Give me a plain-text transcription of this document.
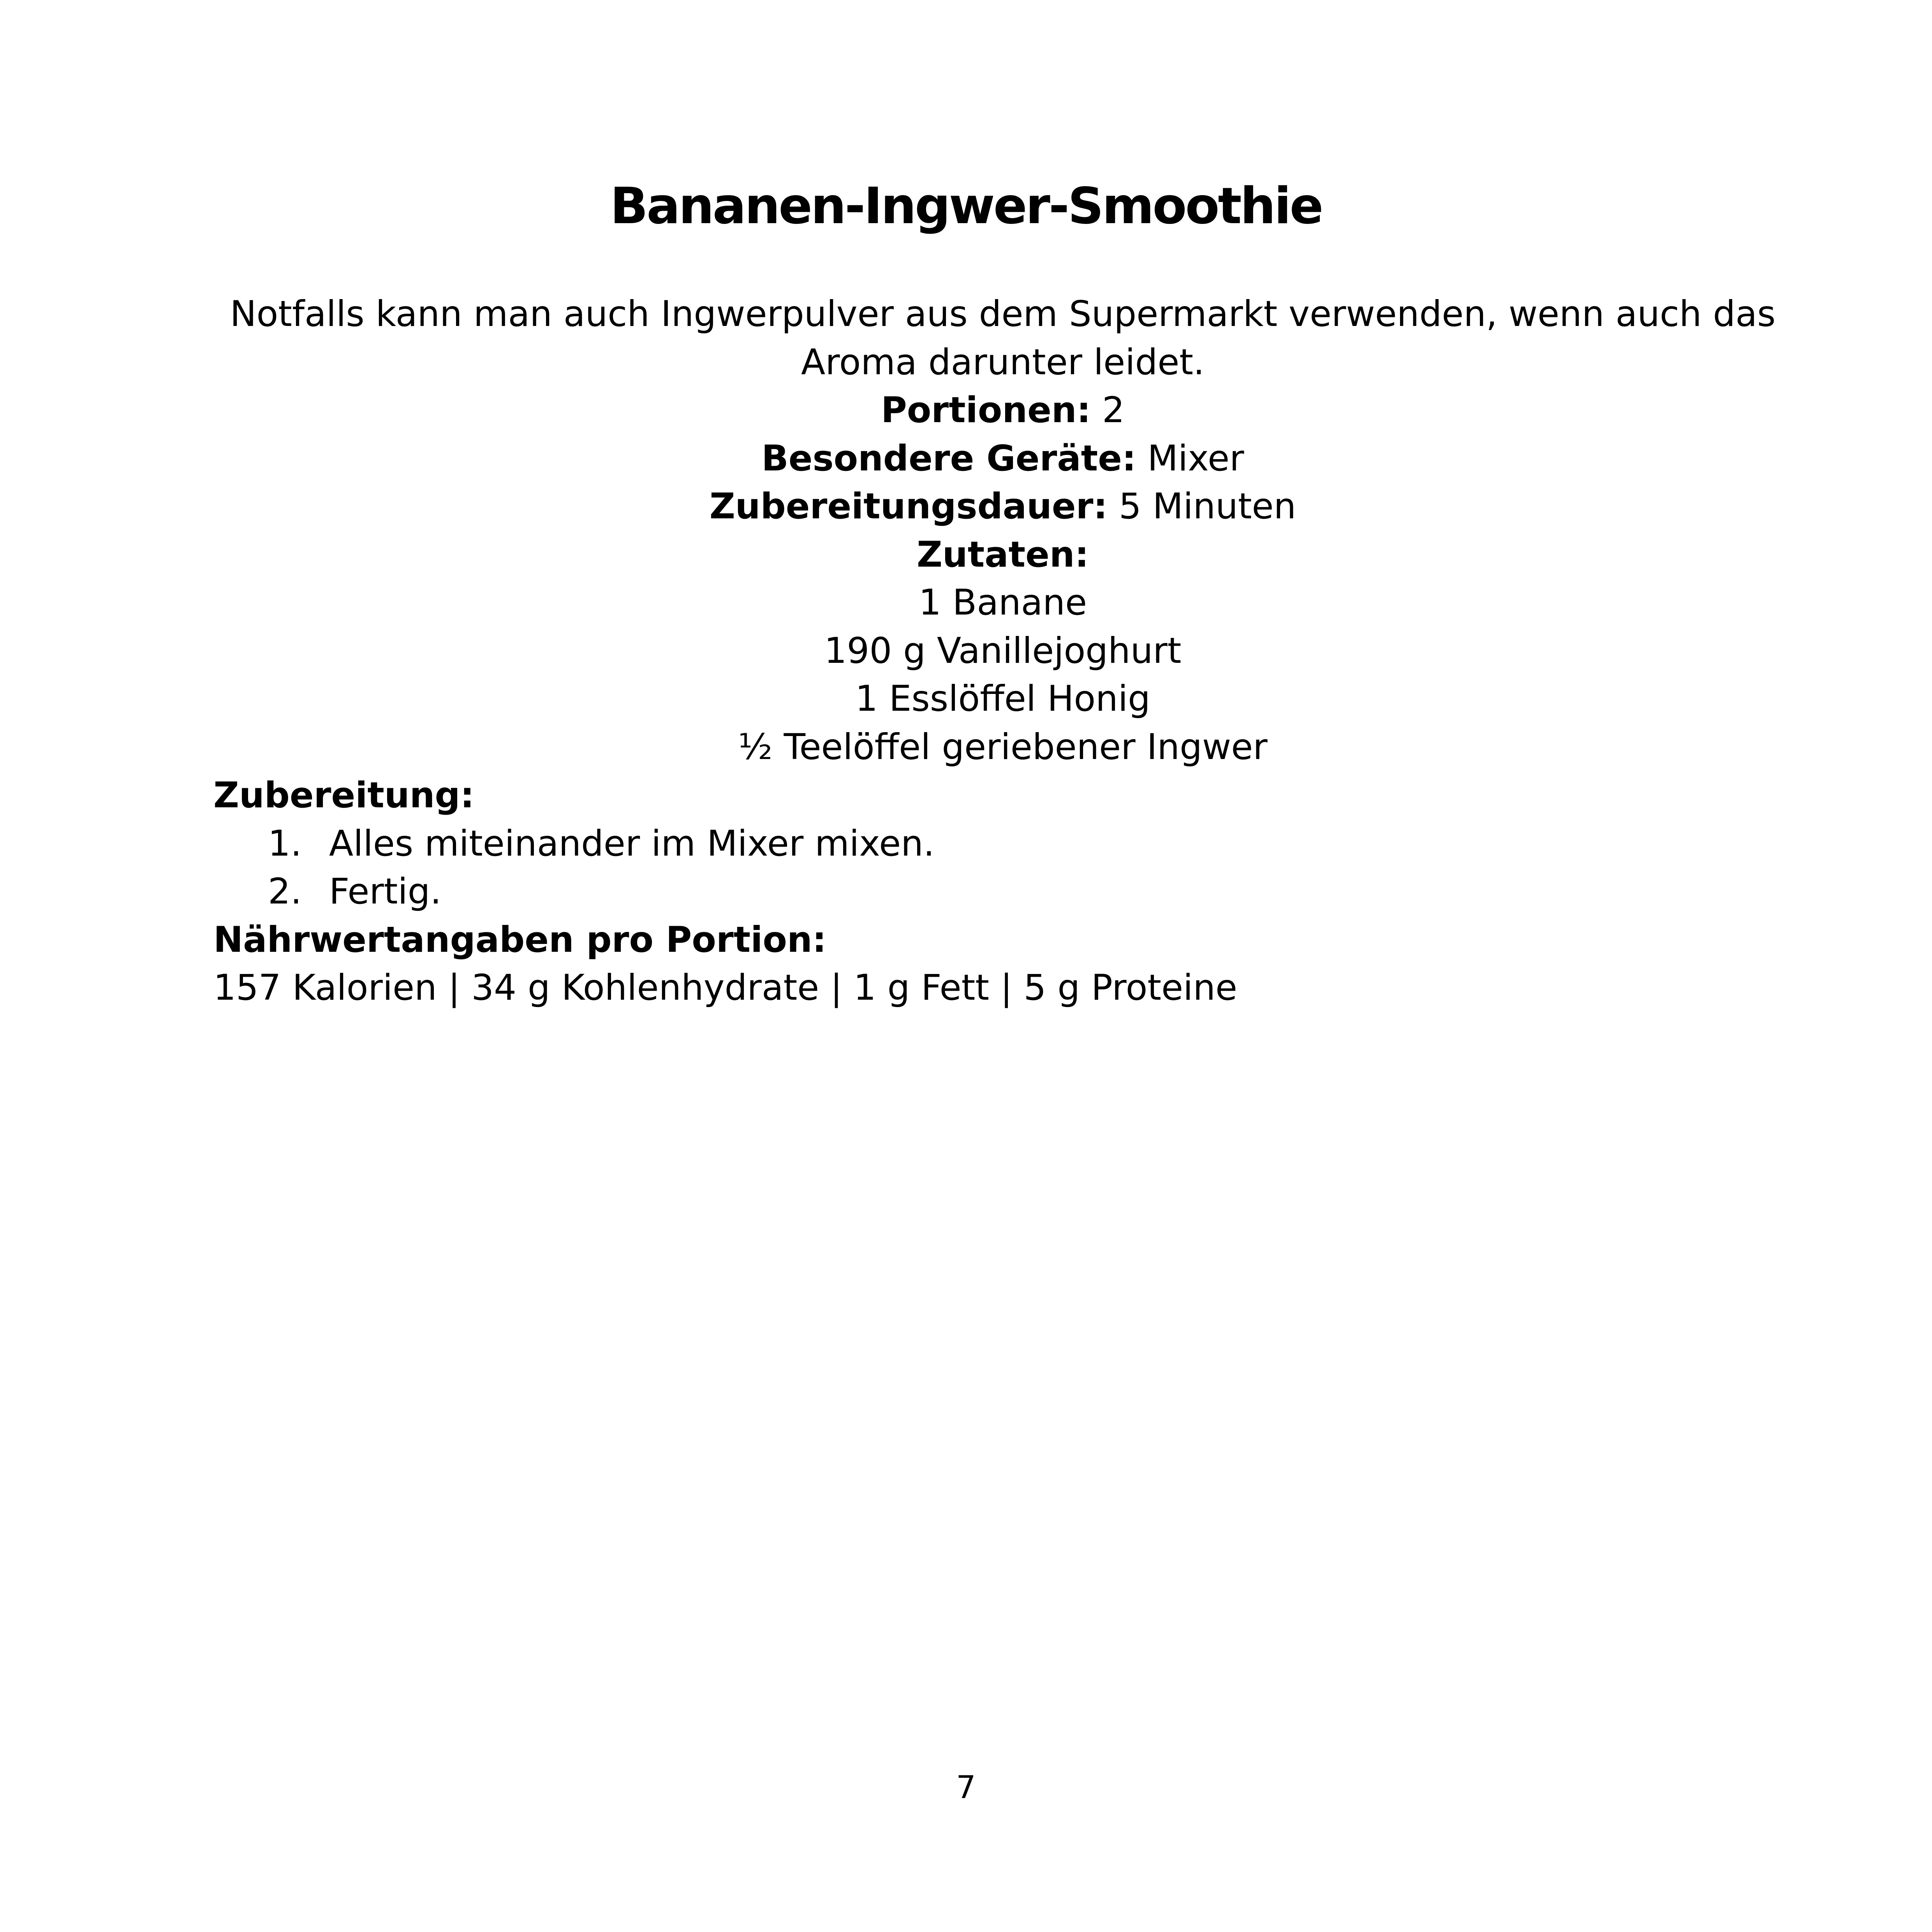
Bananen-Ingwer-Smoothie

Notfalls kann man auch Ingwerpulver aus dem Supermarkt verwenden, wenn auch das Aroma darunter leidet.

Portionen: 2
Besondere Geräte: Mixer
Zubereitungsdauer: 5 Minuten
Zutaten:
1 Banane
190 g Vanillejoghurt
1 Esslöffel Honig
½ Teelöffel geriebener Ingwer
Zubereitung:
1. Alles miteinander im Mixer mixen.
2. Fertig.
Nährwertangaben pro Portion:

157 Kalorien | 34 g Kohlenhydrate | 1 g Fett | 5 g Proteine

7
